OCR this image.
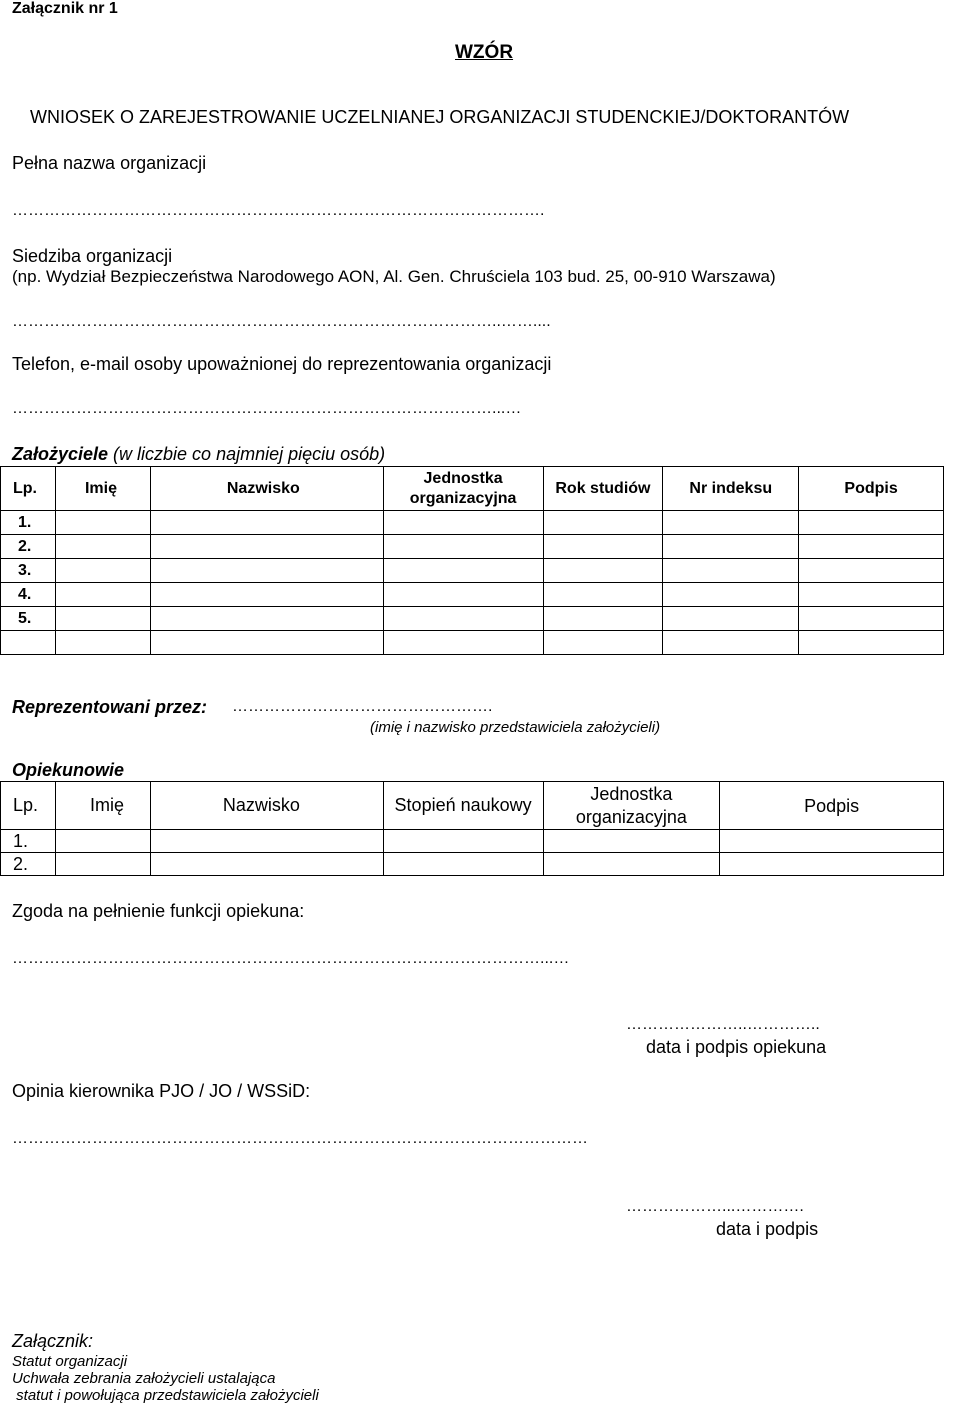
Załącznik nr 1
WZÓR
WNIOSEK O ZAREJESTROWANIE UCZELNIANEJ ORGANIZACJI STUDENCKIEJ/DOKTORANTÓW
Pełna nazwa organizacji
……………………………………………………………………………………….
Siedziba organizacji
(np. Wydział Bezpieczeństwa Narodowego AON, Al. Gen. Chruściela 103 bud. 25, 00-910 Warszawa)
………………………………………………………………………………..……....
Telefon, e-mail osoby upoważnionej do reprezentowania organizacji
………………………………………………………………………………...…
Założyciele (w liczbie co najmniej pięciu osób)
Lp.	Imię	Nazwisko	Jednostka organizacyjna	Rok studiów	Nr indeksu	Podpis
1.						
2.						
3.						
4.						
5.						

Reprezentowani przez: ………………………………………….
(imię i nazwisko przedstawiciela założycieli)
Opiekunowie
Lp.	Imię	Nazwisko	Stopień naukowy	Jednostka organizacyjna	Podpis
1.					
2.					
Zgoda na pełnienie funkcji opiekuna:
………………………………………………………………………………………...…
…………………..…………..
data i podpis opiekuna
Opinia kierownika PJO / JO / WSSiD:
………………………………………………………………………………………………
………………...………….
data i podpis
Załącznik:
Statut organizacji
Uchwała zebrania założycieli ustalająca
statut i powołująca przedstawiciela założycieli
